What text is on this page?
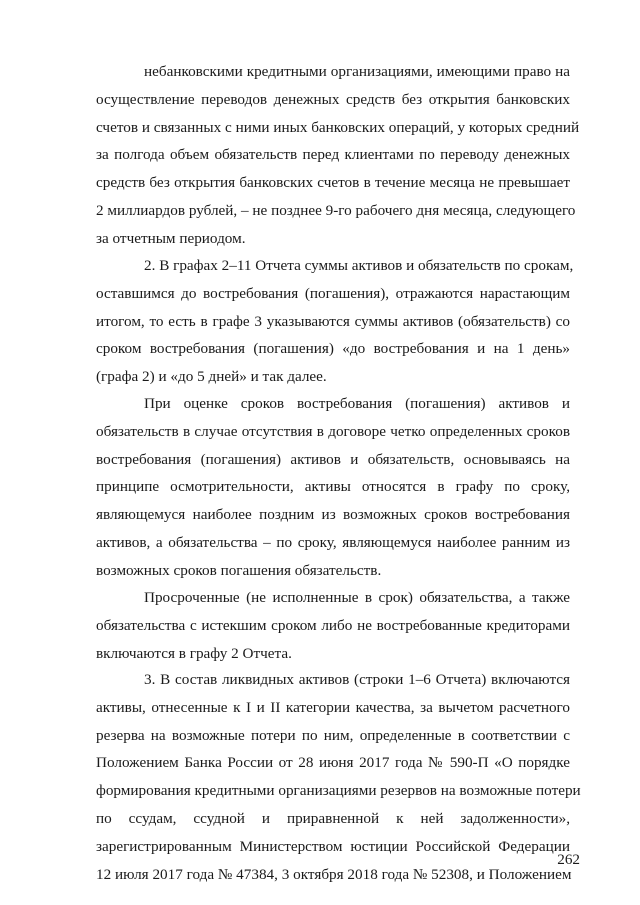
небанковскими кредитными организациями, имеющими право на
осуществление переводов денежных средств без открытия банковских
счетов и связанных с ними иных банковских операций, у которых средний
за полгода объем обязательств перед клиентами по переводу денежных
средств без открытия банковских счетов в течение месяца не превышает
2 миллиардов рублей, – не позднее 9-го рабочего дня месяца, следующего
за отчетным периодом.
2. В графах 2–11 Отчета суммы активов и обязательств по срокам,
оставшимся до востребования (погашения), отражаются нарастающим
итогом, то есть в графе 3 указываются суммы активов (обязательств) со
сроком востребования (погашения) «до востребования и на 1 день»
(графа 2) и «до 5 дней» и так далее.
При оценке сроков востребования (погашения) активов и
обязательств в случае отсутствия в договоре четко определенных сроков
востребования (погашения) активов и обязательств, основываясь на
принципе осмотрительности, активы относятся в графу по сроку,
являющемуся наиболее поздним из возможных сроков востребования
активов, а обязательства – по сроку, являющемуся наиболее ранним из
возможных сроков погашения обязательств.
Просроченные (не исполненные в срок) обязательства, а также
обязательства с истекшим сроком либо не востребованные кредиторами
включаются в графу 2 Отчета.
3. В состав ликвидных активов (строки 1–6 Отчета) включаются
активы, отнесенные к I и II категории качества, за вычетом расчетного
резерва на возможные потери по ним, определенные в соответствии с
Положением Банка России от 28 июня 2017 года № 590-П «О порядке
формирования кредитными организациями резервов на возможные потери
по ссудам, ссудной и приравненной к ней задолженности»,
зарегистрированным Министерством юстиции Российской Федерации
12 июля 2017 года № 47384, 3 октября 2018 года № 52308, и Положением
262
